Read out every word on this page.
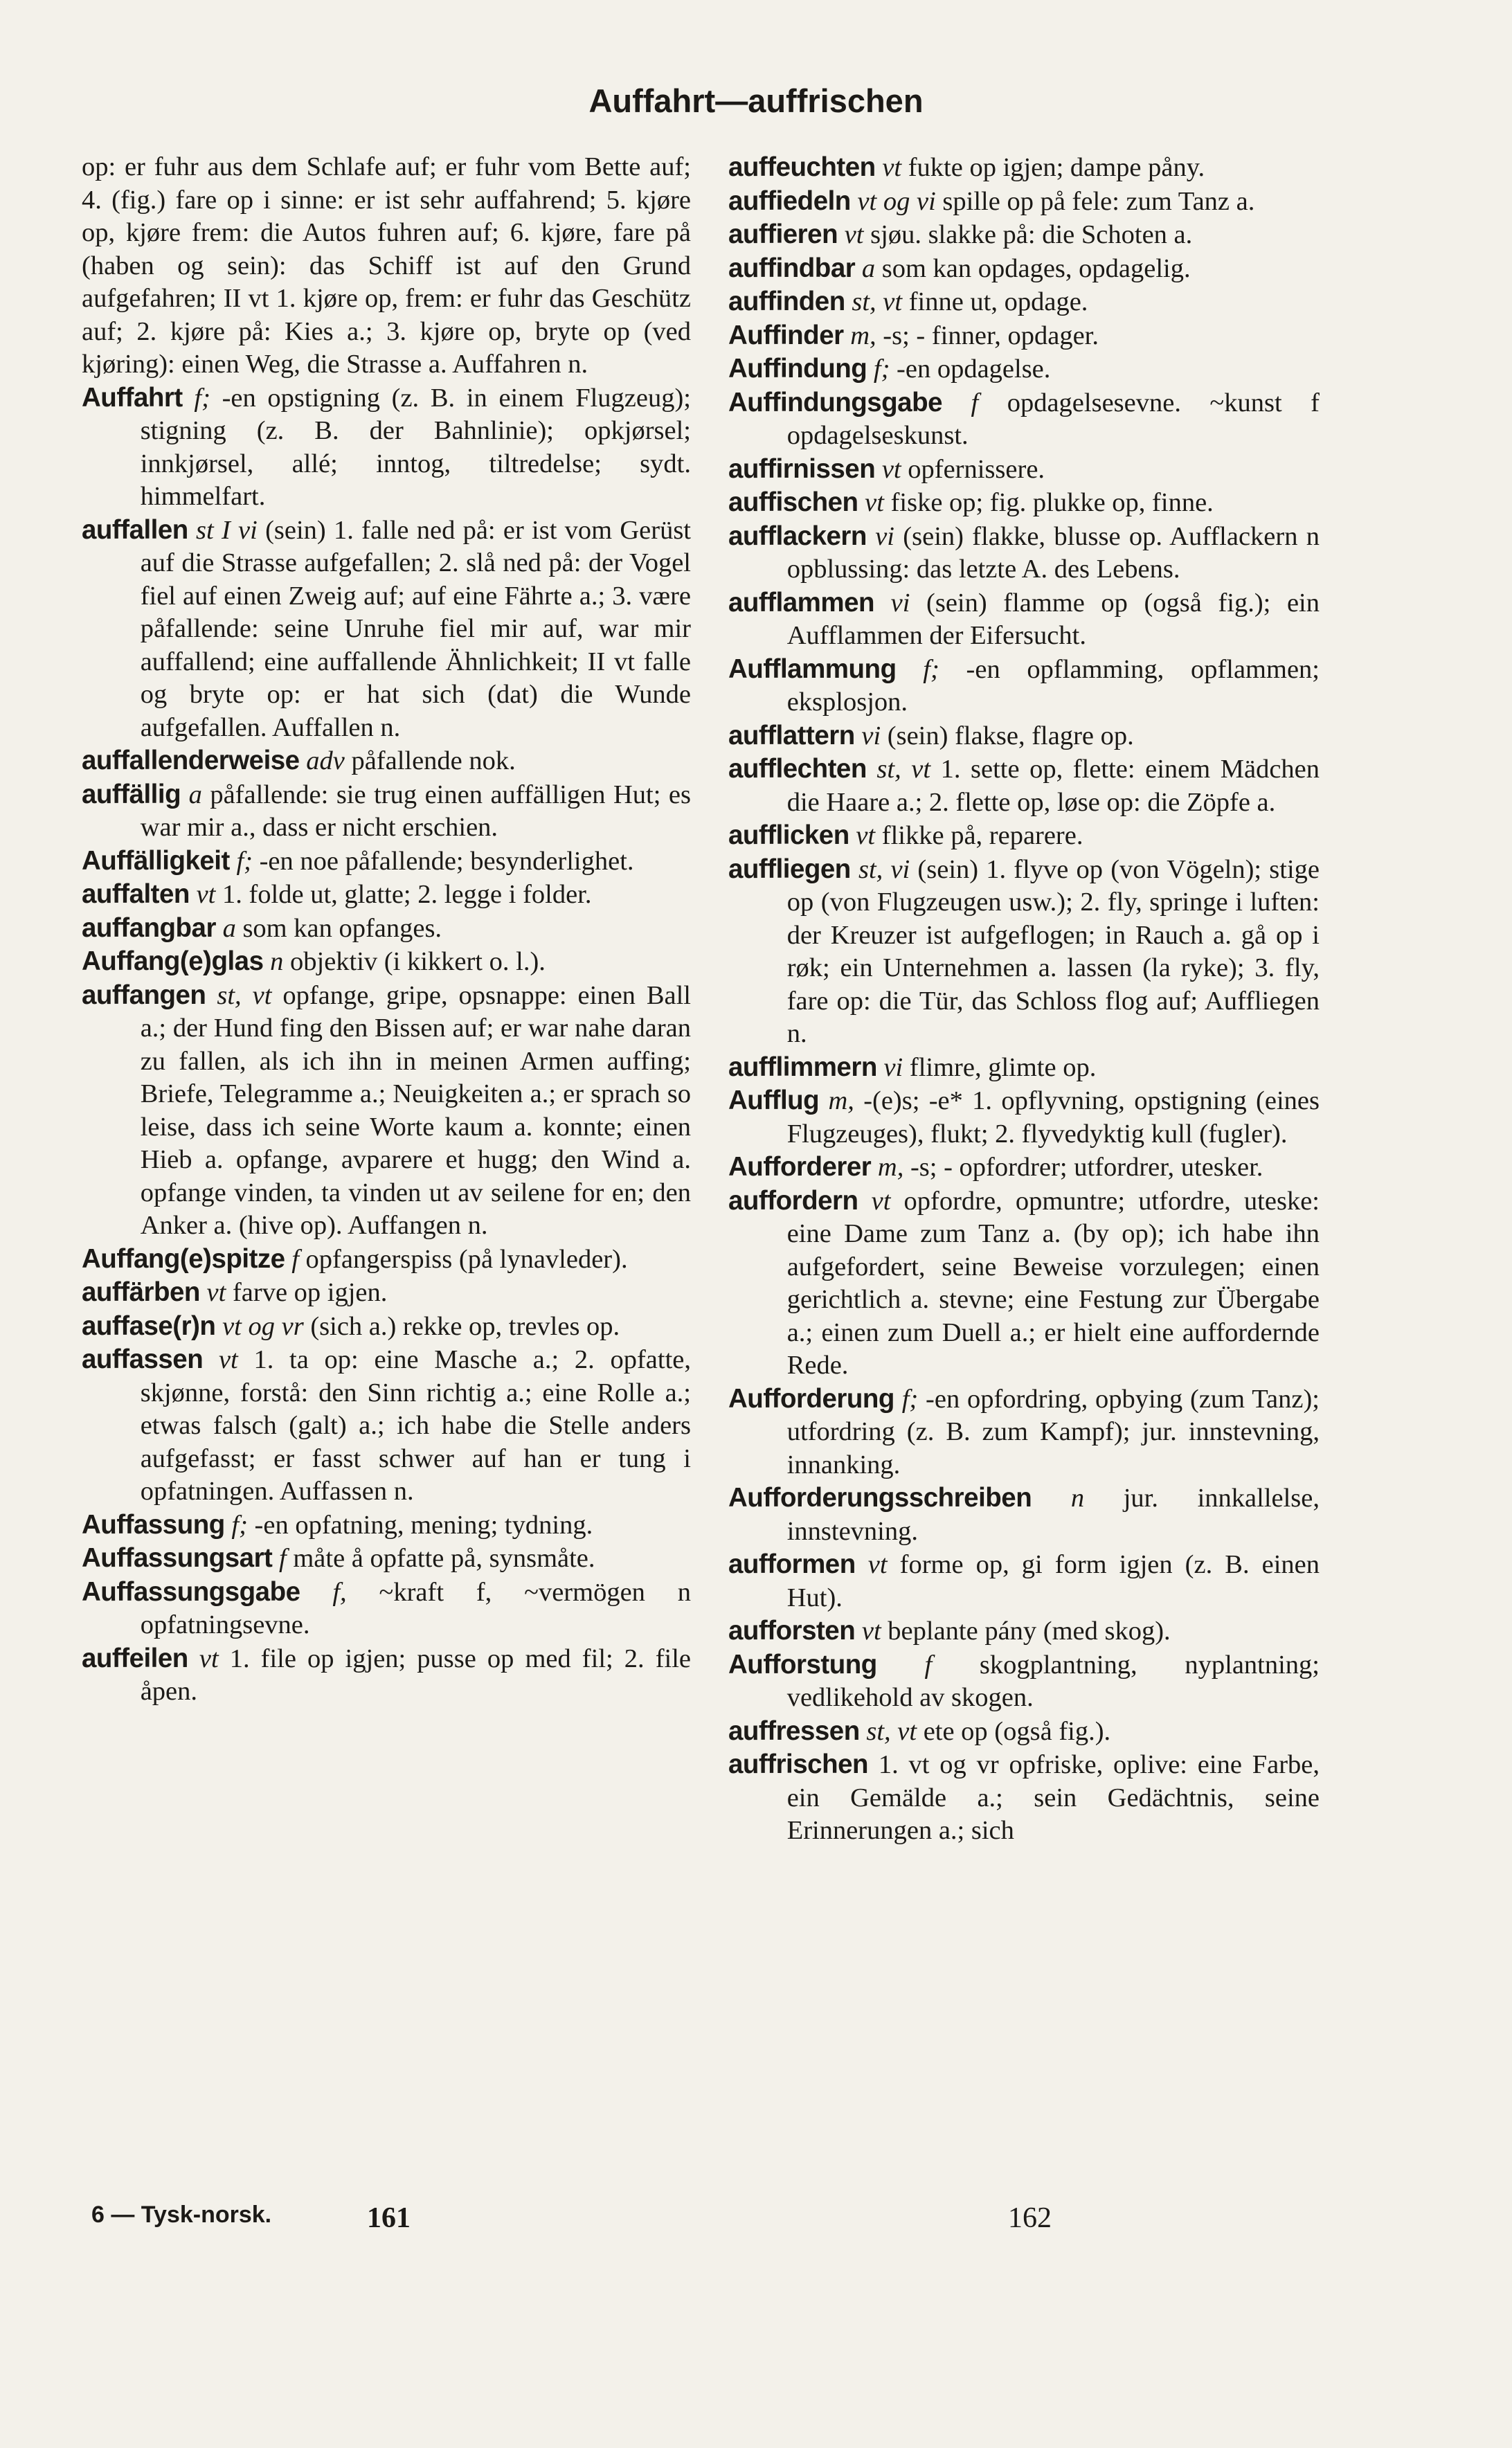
Auffahrt—auffrischen

op: er fuhr aus dem Schlafe auf; er fuhr vom Bette auf; 4. (fig.) fare op i sinne: er ist sehr auffahrend; 5. kjøre op, kjøre frem: die Autos fuhren auf; 6. kjøre, fare på (haben og sein): das Schiff ist auf den Grund aufgefahren; II vt 1. kjøre op, frem: er fuhr das Geschütz auf; 2. kjøre på: Kies a.; 3. kjøre op, bryte op (ved kjøring): einen Weg, die Strasse a. Auffahren n.

Auffahrt f; -en opstigning (z. B. in einem Flugzeug); stigning (z. B. der Bahnlinie); opkjørsel; innkjørsel, allé; inntog, tiltredelse; sydt. himmelfart.

auffallen st I vi (sein) 1. falle ned på: er ist vom Gerüst auf die Strasse aufgefallen; 2. slå ned på: der Vogel fiel auf einen Zweig auf; auf eine Fährte a.; 3. være påfallende: seine Unruhe fiel mir auf, war mir auffallend; eine auffallende Ähnlichkeit; II vt falle og bryte op: er hat sich (dat) die Wunde aufgefallen. Auffallen n.

auffallenderweise adv påfallende nok.

auffällig a påfallende: sie trug einen auffälligen Hut; es war mir a., dass er nicht erschien.

Auffälligkeit f; -en noe påfallende; besynderlighet.

auffalten vt 1. folde ut, glatte; 2. legge i folder.

auffangbar a som kan opfanges.

Auffang(e)glas n objektiv (i kikkert o. l.).

auffangen st, vt opfange, gripe, opsnappe: einen Ball a.; der Hund fing den Bissen auf; er war nahe daran zu fallen, als ich ihn in meinen Armen auffing; Briefe, Telegramme a.; Neuigkeiten a.; er sprach so leise, dass ich seine Worte kaum a. konnte; einen Hieb a. opfange, avparere et hugg; den Wind a. opfange vinden, ta vinden ut av seilene for en; den Anker a. (hive op). Auffangen n.

Auffang(e)spitze f opfangerspiss (på lynavleder).

auffärben vt farve op igjen.

auffase(r)n vt og vr (sich a.) rekke op, trevles op.

auffassen vt 1. ta op: eine Masche a.; 2. opfatte, skjønne, forstå: den Sinn richtig a.; eine Rolle a.; etwas falsch (galt) a.; ich habe die Stelle anders aufgefasst; er fasst schwer auf han er tung i opfatningen. Auffassen n.

Auffassung f; -en opfatning, mening; tydning.

Auffassungsart f måte å opfatte på, synsmåte.

Auffassungsgabe f, ~kraft f, ~vermögen n opfatningsevne.

auffeilen vt 1. file op igjen; pusse op med fil; 2. file åpen.

auffeuchten vt fukte op igjen; dampe påny.

auffiedeln vt og vi spille op på fele: zum Tanz a.

auffieren vt sjøu. slakke på: die Schoten a.

auffindbar a som kan opdages, opdagelig.

auffinden st, vt finne ut, opdage.

Auffinder m, -s; - finner, opdager.

Auffindung f; -en opdagelse.

Auffindungsgabe f opdagelsesevne. ~kunst f opdagelseskunst.

auffirnissen vt opfernissere.

auffischen vt fiske op; fig. plukke op, finne.

aufflackern vi (sein) flakke, blusse op. Aufflackern n opblussing: das letzte A. des Lebens.

aufflammen vi (sein) flamme op (også fig.); ein Aufflammen der Eifersucht.

Aufflammung f; -en opflamming, opflammen; eksplosjon.

aufflattern vi (sein) flakse, flagre op.

aufflechten st, vt 1. sette op, flette: einem Mädchen die Haare a.; 2. flette op, løse op: die Zöpfe a.

aufflicken vt flikke på, reparere.

auffliegen st, vi (sein) 1. flyve op (von Vögeln); stige op (von Flugzeugen usw.); 2. fly, springe i luften: der Kreuzer ist aufgeflogen; in Rauch a. gå op i røk; ein Unternehmen a. lassen (la ryke); 3. fly, fare op: die Tür, das Schloss flog auf; Auffliegen n.

aufflimmern vi flimre, glimte op.

Aufflug m, -(e)s; -e* 1. opflyvning, opstigning (eines Flugzeuges), flukt; 2. flyvedyktig kull (fugler).

Aufforderer m, -s; - opfordrer; utfordrer, utesker.

auffordern vt opfordre, opmuntre; utfordre, uteske: eine Dame zum Tanz a. (by op); ich habe ihn aufgefordert, seine Beweise vorzulegen; einen gerichtlich a. stevne; eine Festung zur Übergabe a.; einen zum Duell a.; er hielt eine auffordernde Rede.

Aufforderung f; -en opfordring, opbying (zum Tanz); utfordring (z. B. zum Kampf); jur. innstevning, innanking.

Aufforderungsschreiben n jur. innkallelse, innstevning.

aufformen vt forme op, gi form igjen (z. B. einen Hut).

aufforsten vt beplante pány (med skog).

Aufforstung f skogplantning, nyplantning; vedlikehold av skogen.

auffressen st, vt ete op (også fig.).

auffrischen 1. vt og vr opfriske, oplive: eine Farbe, ein Gemälde a.; sein Gedächtnis, seine Erinnerungen a.; sich

6 — Tysk-norsk.	161	162
